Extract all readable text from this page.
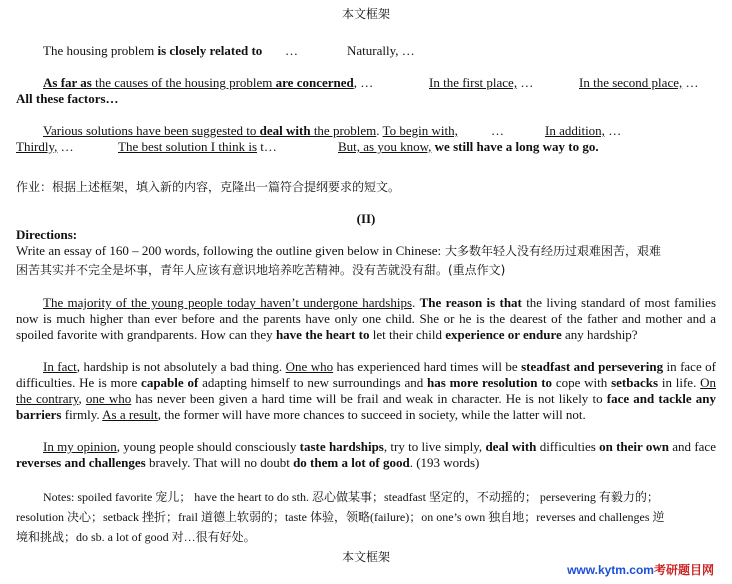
本文框架
The housing problem is closely related to …	Naturally, …
As far as the causes of the housing problem are concerned, …	In the first place, …	In the second place, …
All these factors…
Various solutions have been suggested to deal with the problem. To begin with,	…	In addition, …
Thirdly, …	The best solution I think is t…	But, as you know, we still have a long way to go.
作业：根据上述框架，填入新的内容，克隆出一篇符合提纲要求的短文。
(II)
Directions:
Write an essay of 160 – 200 words, following the outline given below in Chinese: 大多数年轻人没有经历过艰难困苦，艰难
困苦其实并不完全是坏事，青年人应该有意识地培养吃苦精神。没有苦就没有甜。(重点作文)
The majority of the young people today haven’t undergone hardships. The reason is that the living standard of most families now is much higher than ever before and the parents have only one child. She or he is the dearest of the father and mother and a spoiled favorite with grandparents. How can they have the heart to let their child experience or endure any hardship?
In fact, hardship is not absolutely a bad thing. One who has experienced hard times will be steadfast and persevering in face of difficulties. He is more capable of adapting himself to new surroundings and has more resolution to cope with setbacks in life. On the contrary, one who has never been given a hard time will be frail and weak in character. He is not likely to face and tackle any barriers firmly. As a result, the former will have more chances to succeed in society, while the latter will not.
In my opinion, young people should consciously taste hardships, try to live simply, deal with difficulties on their own and face reverses and challenges bravely. That will no doubt do them a lot of good. (193 words)
Notes: spoiled favorite 宠儿； have the heart to do sth. 忍心做某事；steadfast 坚定的，不动摇的； persevering 有毅力的；
resolution 决心；setback 挫折；frail 道德上软弱的；taste 体验，领略(failure)；on one’s own 独自地；reverses and challenges 逆
境和挑战；do sb. a lot of good 对…很有好处。
本文框架
www.kytm.com考研题目网
